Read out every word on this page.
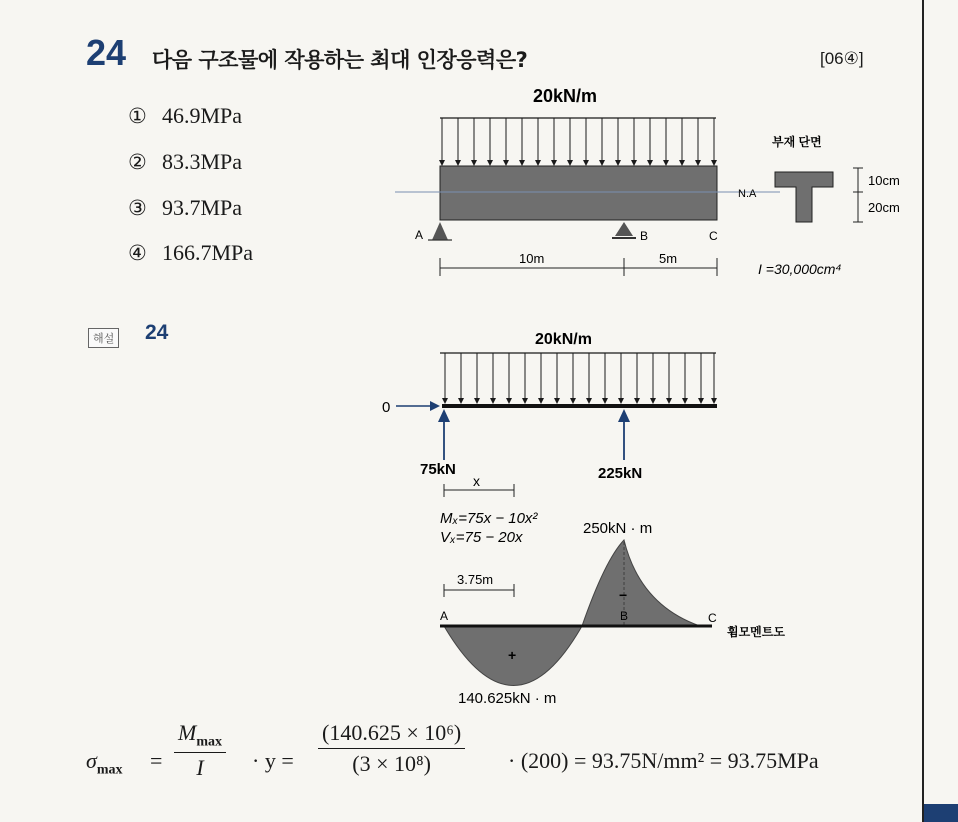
24 다음 구조물에 작용하는 최대 인장응력은?	[06④]
① 46.9MPa
② 83.3MPa
③ 93.7MPa
④ 166.7MPa
해설 24
20kN/m
A	B	C
10m	5m
I =30,000cm⁴
부재 단면
N.A
10cm
20cm
20kN/m
0
75kN	225kN
x
Mₓ=75x − 10x²
Vₓ=75 − 20x
250kN · m
3.75m
A	B	C
+
−
휨모멘트도
140.625kN · m
$\sigma_{max}$ =
$M_{max}$
I	· $y = \frac{\text{(140.625 × 10⁶)}}{\text{(3 × 10⁸)}} \cdot (200) = 93.75N/mm^2 = 93.75MPa$
